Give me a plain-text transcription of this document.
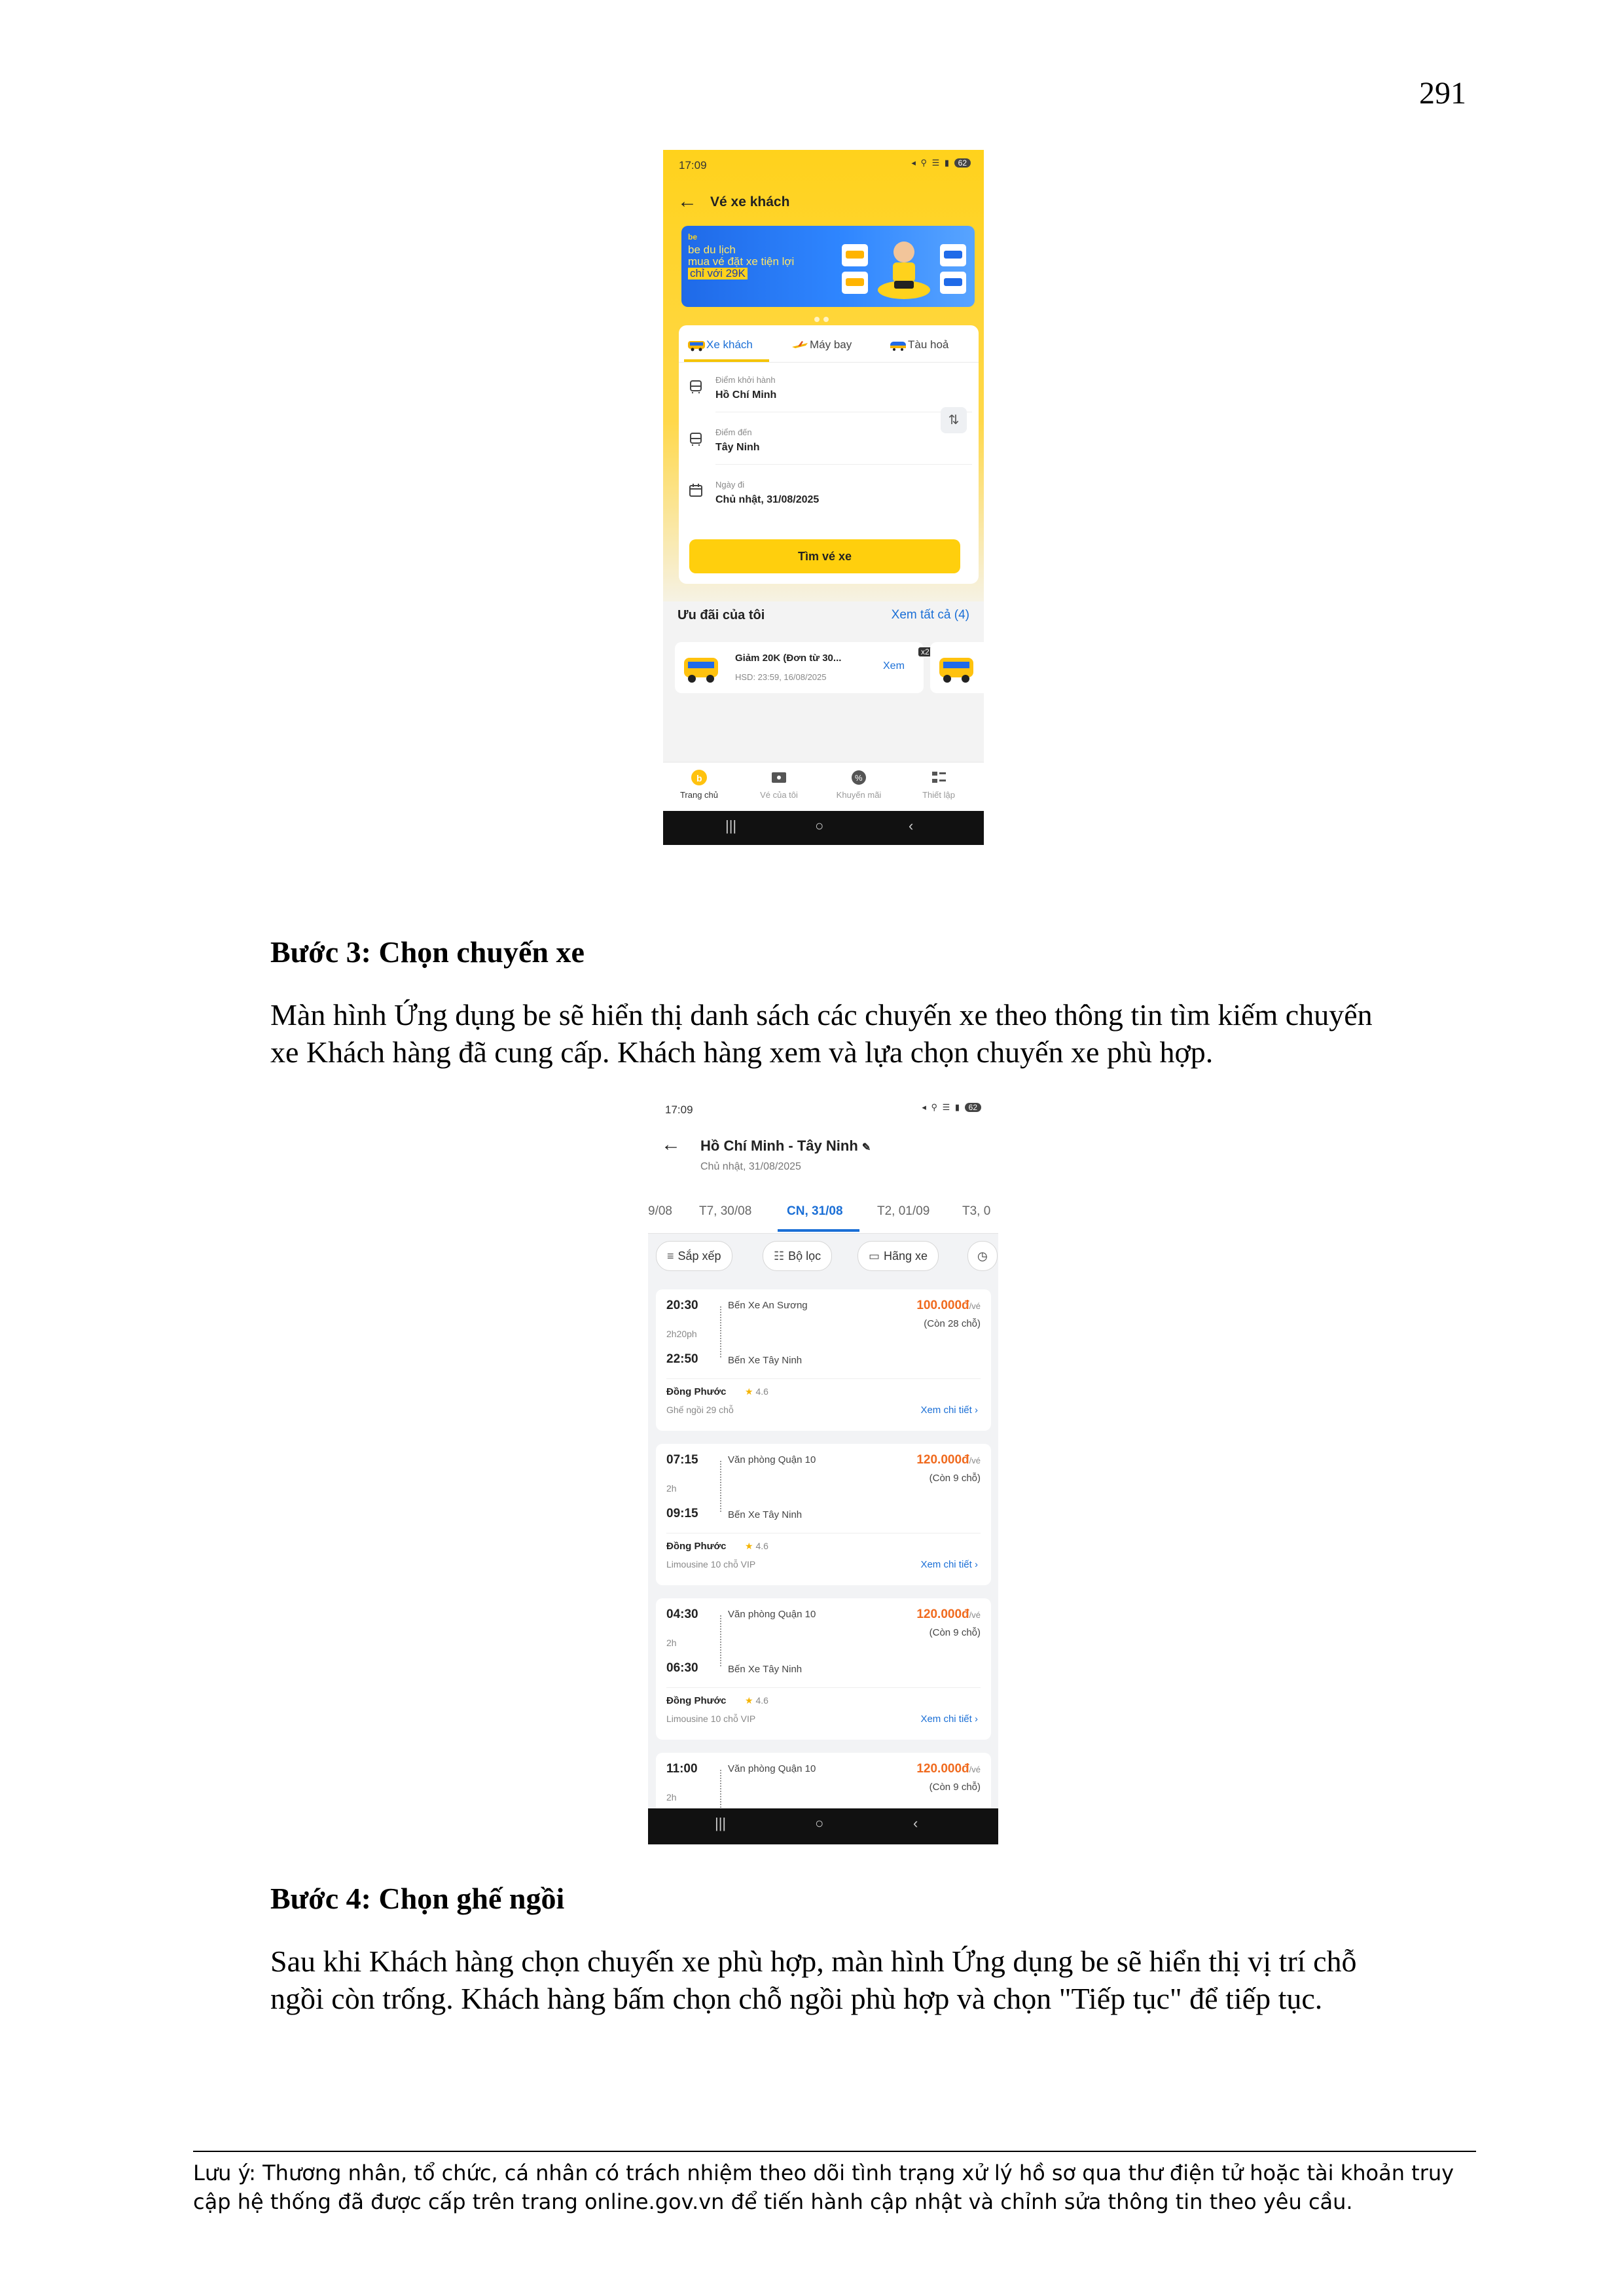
291
17:09	◂ ⚲ ☰ ▮ 62
← Vé xe khách
be
be du lịch
mua vé đặt xe tiện lợi
chỉ với 29K
Xe khách	Máy bay	Tàu hoả
Điểm khởi hành
Hồ Chí Minh
Điểm đến
Tây Ninh
⇅
Ngày đi
Chủ nhật, 31/08/2025
Tìm vé xe
Ưu đãi của tôi	Xem tất cả (4)
Giảm 20K (Đơn từ 30...
HSD: 23:59, 16/08/2025
Xem
x2
b
Trang chủ	Vé của tôi
%
Khuyến mãi	Thiết lập
|||	○	‹
Bước 3: Chọn chuyến xe
Màn hình Ứng dụng be sẽ hiển thị danh sách các chuyến xe theo thông tin tìm kiếm chuyến
xe Khách hàng đã cung cấp. Khách hàng xem và lựa chọn chuyến xe phù hợp.
17:09	◂ ⚲ ☰ ▮ 62
← Hồ Chí Minh - Tây Ninh ✎
Chủ nhật, 31/08/2025
9/08 T7, 30/08	CN, 31/08	T2, 01/09	T3, 0
≡ Sắp xếp	☷ Bộ lọc	▭ Hãng xe	◷
20:30
2h20ph
22:50
Bến Xe An Sương
Bến Xe Tây Ninh
100.000đ/vé
(Còn 28 chỗ)
Đồng Phước ★ 4.6
Ghế ngồi 29 chỗ	Xem chi tiết ›
07:15
2h
09:15
Văn phòng Quận 10
Bến Xe Tây Ninh
120.000đ/vé
(Còn 9 chỗ)
Đồng Phước ★ 4.6
Limousine 10 chỗ VIP	Xem chi tiết ›
04:30
2h
06:30
Văn phòng Quận 10
Bến Xe Tây Ninh
120.000đ/vé
(Còn 9 chỗ)
Đồng Phước ★ 4.6
Limousine 10 chỗ VIP	Xem chi tiết ›
11:00
2h
Văn phòng Quận 10	120.000đ/vé
(Còn 9 chỗ)
|||	○	‹
Bước 4: Chọn ghế ngồi
Sau khi Khách hàng chọn chuyến xe phù hợp, màn hình Ứng dụng be sẽ hiển thị vị trí chỗ
ngồi còn trống. Khách hàng bấm chọn chỗ ngồi phù hợp và chọn "Tiếp tục" để tiếp tục.
Lưu ý: Thương nhân, tổ chức, cá nhân có trách nhiệm theo dõi tình trạng xử lý hồ sơ qua thư điện tử hoặc tài khoản truy
cập hệ thống đã được cấp trên trang online.gov.vn để tiến hành cập nhật và chỉnh sửa thông tin theo yêu cầu.
